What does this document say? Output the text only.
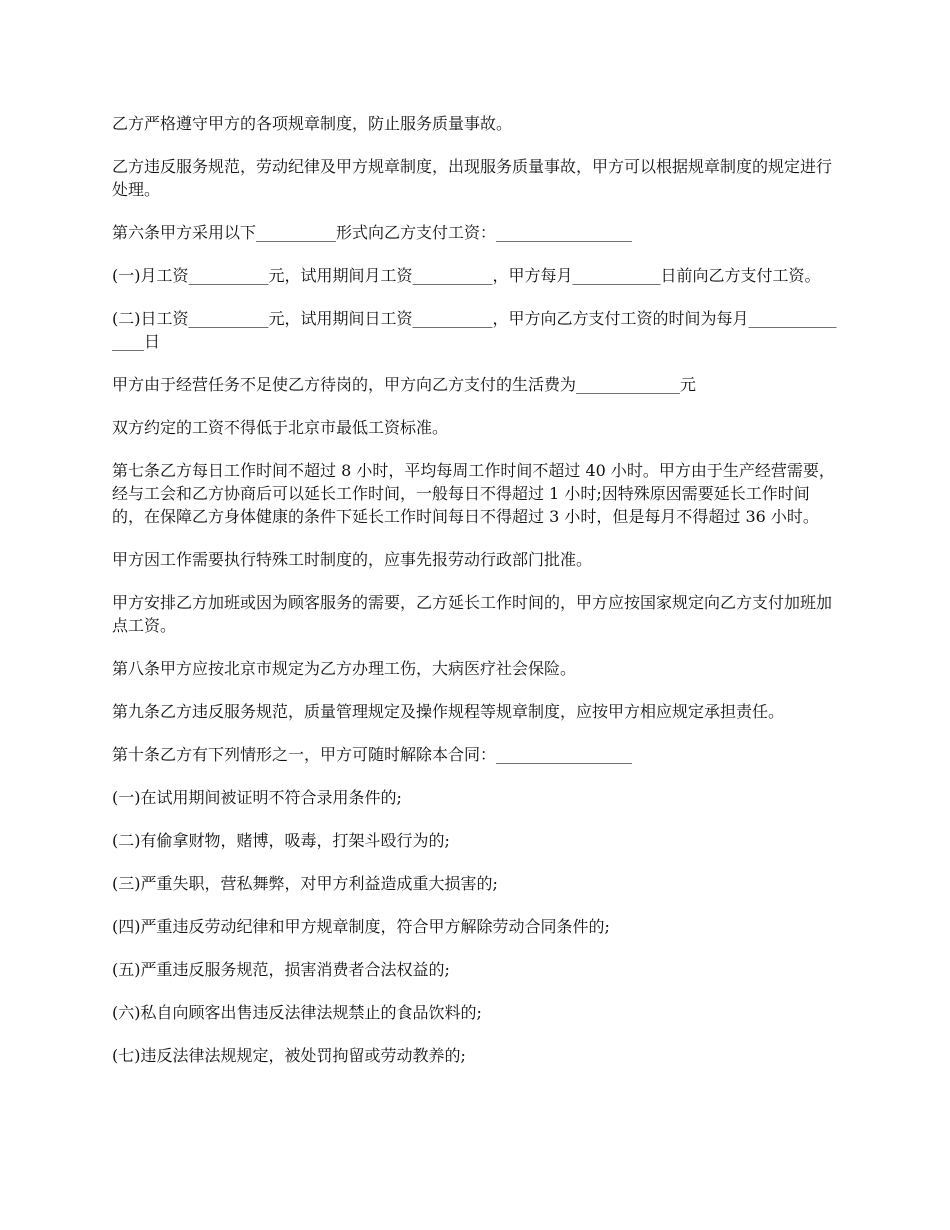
乙方严格遵守甲方的各项规章制度，防止服务质量事故。

乙方违反服务规范，劳动纪律及甲方规章制度，出现服务质量事故，甲方可以根据规章制度的规定进行处理。

第六条甲方采用以下__________形式向乙方支付工资：_________________

(一)月工资__________元，试用期间月工资__________，甲方每月___________日前向乙方支付工资。

(二)日工资__________元，试用期间日工资__________，甲方向乙方支付工资的时间为每月_______________日

甲方由于经营任务不足使乙方待岗的，甲方向乙方支付的生活费为_____________元

双方约定的工资不得低于北京市最低工资标准。

第七条乙方每日工作时间不超过 8 小时，平均每周工作时间不超过 40 小时。甲方由于生产经营需要，经与工会和乙方协商后可以延长工作时间，一般每日不得超过 1 小时;因特殊原因需要延长工作时间的，在保障乙方身体健康的条件下延长工作时间每日不得超过 3 小时，但是每月不得超过 36 小时。

甲方因工作需要执行特殊工时制度的，应事先报劳动行政部门批准。

甲方安排乙方加班或因为顾客服务的需要，乙方延长工作时间的，甲方应按国家规定向乙方支付加班加点工资。

第八条甲方应按北京市规定为乙方办理工伤，大病医疗社会保险。

第九条乙方违反服务规范，质量管理规定及操作规程等规章制度，应按甲方相应规定承担责任。

第十条乙方有下列情形之一，甲方可随时解除本合同：_________________

(一)在试用期间被证明不符合录用条件的;

(二)有偷拿财物，赌博，吸毒，打架斗殴行为的;

(三)严重失职，营私舞弊，对甲方利益造成重大损害的;

(四)严重违反劳动纪律和甲方规章制度，符合甲方解除劳动合同条件的;

(五)严重违反服务规范，损害消费者合法权益的;

(六)私自向顾客出售违反法律法规禁止的食品饮料的;

(七)违反法律法规规定，被处罚拘留或劳动教养的;
